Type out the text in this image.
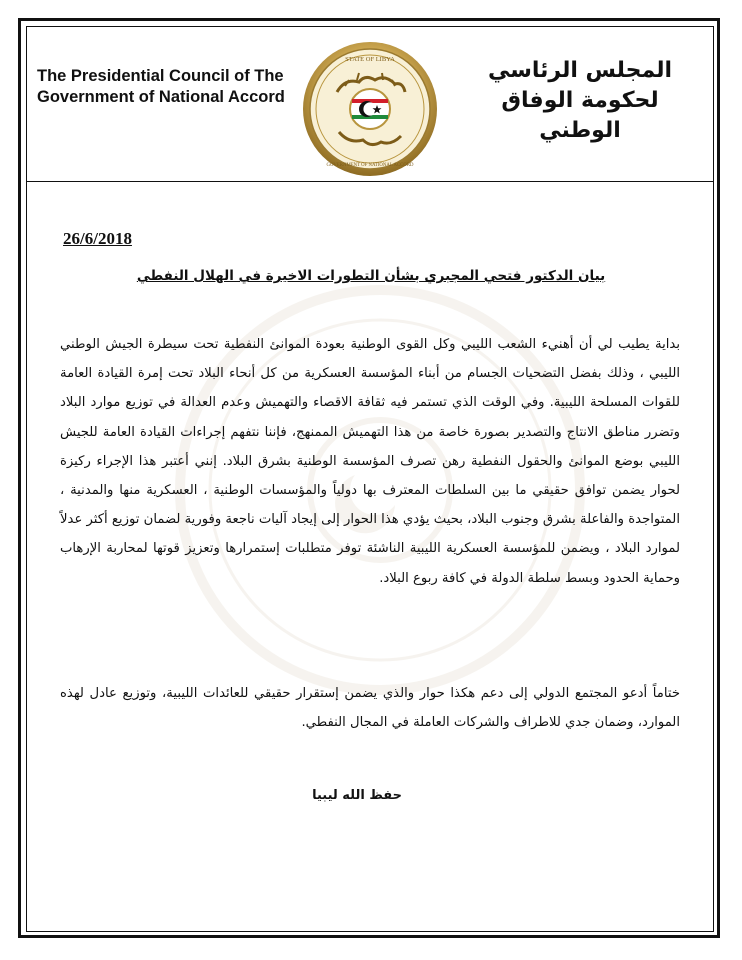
The Presidential Council of The Government of National Accord
المجلس الرئاسي لحكومة الوفاق الوطني
STATE OF LIBYA
GOVERNMENT OF NATIONAL ACCORD
26/6/2018
بيان الدكتور فتحي المجبري بشأن التطورات الاخيرة في الهلال النفطي
بداية يطيب لي أن أهنيء الشعب الليبي وكل القوى الوطنية بعودة الموانئ النفطية تحت سيطرة الجيش الوطني الليبي ، وذلك بفضل التضحيات الجسام من أبناء المؤسسة العسكرية من كل أنحاء البلاد تحت إمرة القيادة العامة للقوات المسلحة الليبية. وفي الوقت الذي تستمر فيه ثقافة الاقصاء والتهميش وعدم العدالة في توزيع موارد البلاد وتضرر مناطق الانتاج والتصدير بصورة خاصة من هذا التهميش الممنهج، فإننا نتفهم إجراءات القيادة العامة للجيش الليبي بوضع الموانئ والحقول النفطية رهن تصرف المؤسسة الوطنية بشرق البلاد. إنني أعتبر هذا الإجراء ركيزة لحوار يضمن توافق حقيقي ما بين السلطات المعترف بها دولياً والمؤسسات الوطنية ، العسكرية منها والمدنية ، المتواجدة والفاعلة بشرق وجنوب البلاد، بحيث يؤدي هذا الحوار إلى إيجاد آليات ناجعة وفورية لضمان توزيع أكثر عدلاً لموارد البلاد ، ويضمن للمؤسسة العسكرية الليبية الناشئة توفر متطلبات إستمرارها وتعزيز قوتها لمحاربة الإرهاب وحماية الحدود وبسط سلطة الدولة في كافة ربوع البلاد.
ختاماً أدعو المجتمع الدولي إلى دعم هكذا حوار والذي يضمن إستقرار حقيقي للعائدات الليبية، وتوزيع عادل لهذه الموارد، وضمان جدي للاطراف والشركات العاملة في المجال النفطي.
حفظ الله ليبيا
